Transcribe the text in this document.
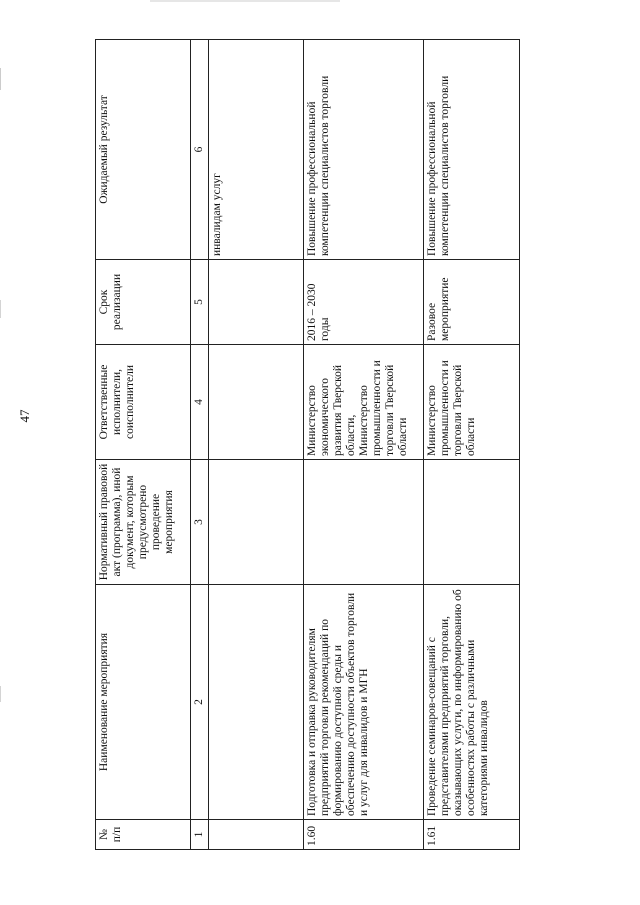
47
№ п/п	Наименование мероприятия	Нормативный правовой акт (программа), иной документ, которым предусмотрено проведение мероприятия	Ответственные исполнители, соисполнители	Срок реализации	Ожидаемый результат
1	2	3	4	5	6
					инвалидам услуг
1.60	Подготовка и отправка руководителям предприятий торговли рекомендаций по формированию доступной среды и обеспечению доступности объектов торговли и услуг для инвалидов и МГН		Министерство экономического развития Тверской области, Министерство промышленности и торговли Тверской области	2016 – 2030 годы	Повышение профессиональной компетенции специалистов торговли
1.61	Проведение семинаров-совещаний с представителями предприятий торговли, оказывающих услуги, по информированию об особенностях работы с различными категориями инвалидов		Министерство промышленности и торговли Тверской области	Разовое мероприятие	Повышение профессиональной компетенции специалистов торговли
